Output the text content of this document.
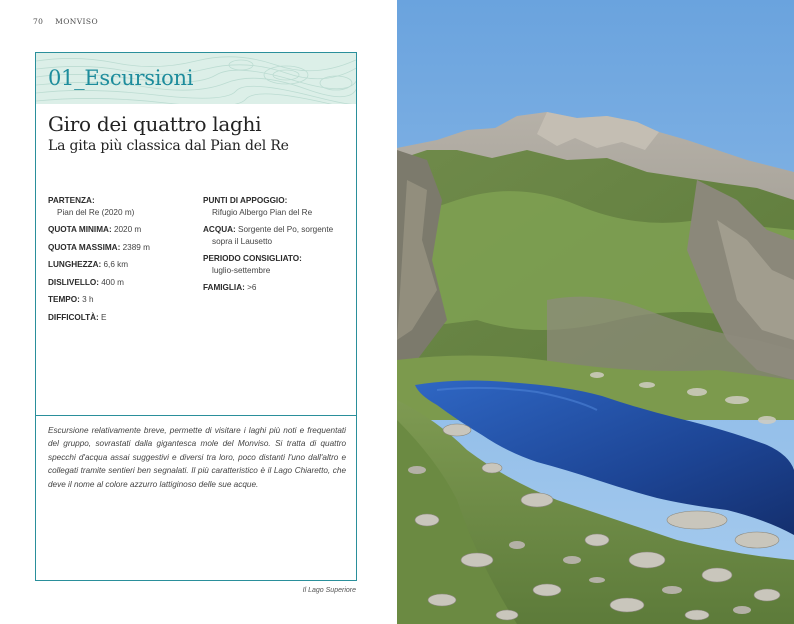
70 MONVISO
01_Escursioni
Giro dei quattro laghi
La gita più classica dal Pian del Re
PARTENZA:
Pian del Re (2020 m)
QUOTA MINIMA: 2020 m
QUOTA MASSIMA: 2389 m
LUNGHEZZA: 6,6 km
DISLIVELLO: 400 m
TEMPO: 3 h
DIFFICOLTÀ: E
PUNTI DI APPOGGIO:
Rifugio Albergo Pian del Re
ACQUA: Sorgente del Po, sorgente
sopra il Lausetto
PERIODO CONSIGLIATO:
luglio-settembre
FAMIGLIA: >6

Escursione relativamente breve, permette di visitare i laghi più noti e frequentati del gruppo, sovrastati dalla gigantesca mole del Monviso. Si tratta di quattro specchi d'acqua assai suggestivi e diversi tra loro, poco distanti l'uno dall'altro e collegati tramite sentieri ben segnalati. Il più caratteristico è il Lago Chiaretto, che deve il nome al colore azzurro lattiginoso delle sue acque.

Il Lago Superiore
